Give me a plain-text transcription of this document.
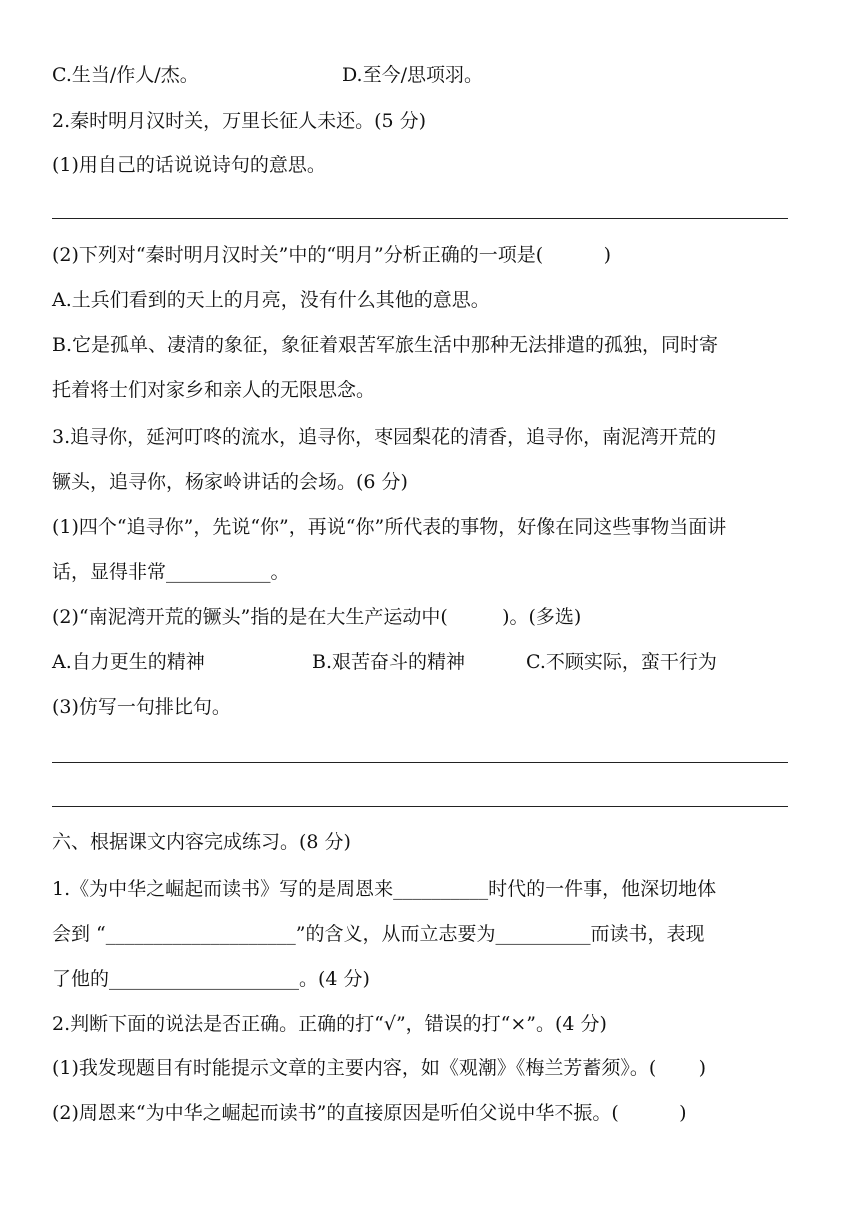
C.生当/作人/杰。	D.至今/思项羽。
2.秦时明月汉时关，万里长征人未还。(5 分)
(1)用自己的话说说诗句的意思。
(2)下列对“秦时明月汉时关”中的“明月”分析正确的一项是(          )
A.土兵们看到的天上的月亮，没有什么其他的意思。
B.它是孤单、凄清的象征，象征着艰苦军旅生活中那种无法排遣的孤独，同时寄
托着将士们对家乡和亲人的无限思念。
3.追寻你，延河叮咚的流水，追寻你，枣园梨花的清香，追寻你，南泥湾开荒的
镢头，追寻你，杨家岭讲话的会场。(6 分)
(1)四个“追寻你”，先说“你”，再说“你”所代表的事物，好像在同这些事物当面讲
话，显得非常___________。
(2)“南泥湾开荒的镢头”指的是在大生产运动中(         )。(多选)
A.自力更生的精神	B.艰苦奋斗的精神	C.不顾实际，蛮干行为
(3)仿写一句排比句。
六、根据课文内容完成练习。(8 分)
1.《为中华之崛起而读书》写的是周恩来__________时代的一件事，他深切地体
会到 “____________________”的含义，从而立志要为__________而读书，表现
了他的____________________。(4 分)
2.判断下面的说法是否正确。正确的打“√”，错误的打“×”。(4 分)
(1)我发现题目有时能提示文章的主要内容，如《观潮》《梅兰芳蓄须》。(       )
(2)周恩来“为中华之崛起而读书”的直接原因是听伯父说中华不振。(          )
